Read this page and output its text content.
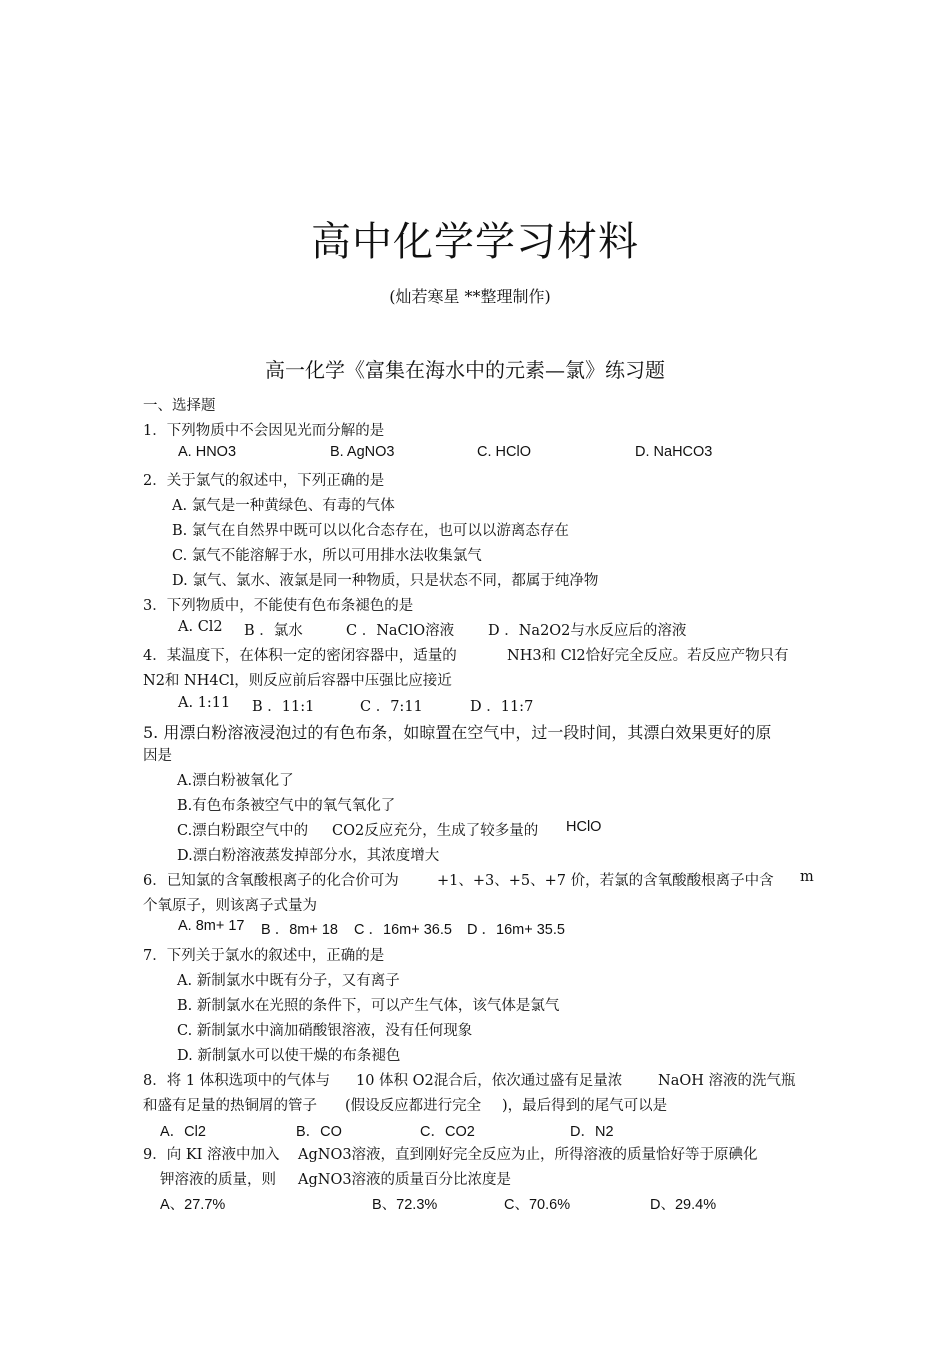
高中化学学习材料
(灿若寒星 **整理制作)
高一化学《富集在海水中的元素—氯》练习题
一、选择题
1．下列物质中不会因见光而分解的是
A. HNO3	B. AgNO3	C. HClO	D. NaHCO3
2．关于氯气的叙述中，下列正确的是
A. 氯气是一种黄绿色、有毒的气体
B. 氯气在自然界中既可以以化合态存在，也可以以游离态存在
C. 氯气不能溶解于水，所以可用排水法收集氯气
D. 氯气、氯水、液氯是同一种物质，只是状态不同，都属于纯净物
3．下列物质中，不能使有色布条褪色的是
A. Cl2 B ．氯水	C ．NaClO溶液 D ．Na2O2与水反应后的溶液
4．某温度下，在体积一定的密闭容器中，适量的	NH3和 Cl2恰好完全反应。若反应产物只有
N2和 NH4Cl，则反应前后容器中压强比应接近
A. 1:11 B ．11:1	C ．7:11	D ．11:7
5. 用漂白粉溶液浸泡过的有色布条，如晾置在空气中，过一段时间，其漂白效果更好的原
因是
A.漂白粉被氧化了
B.有色布条被空气中的氧气氧化了
C.漂白粉跟空气中的 CO2反应充分，生成了较多量的 HClO
D.漂白粉溶液蒸发掉部分水，其浓度增大
6．已知氯的含氧酸根离子的化合价可为	+1、+3、+5、+7 价，若氯的含氧酸酸根离子中含 m
个氧原子，则该离子式量为
A. 8m+ 17 B ．8m+ 18 C ．16m+ 36.5 D ．16m+ 35.5
7．下列关于氯水的叙述中，正确的是
A. 新制氯水中既有分子，又有离子
B. 新制氯水在光照的条件下，可以产生气体，该气体是氯气
C. 新制氯水中滴加硝酸银溶液，没有任何现象
D. 新制氯水可以使干燥的布条褪色
8．将 1 体积选项中的气体与 10 体积 O2混合后，依次通过盛有足量浓 NaOH 溶液的洗气瓶
和盛有足量的热铜屑的管子 (假设反应都进行完全 )，最后得到的尾气可以是
A．Cl2	B．CO	C．CO2	D．N2
9．向 KI 溶液中加入 AgNO3溶液，直到刚好完全反应为止，所得溶液的质量恰好等于原碘化
钾溶液的质量，则 AgNO3溶液的质量百分比浓度是
A、27.7%	B、72.3%	C、70.6%	D、29.4%
